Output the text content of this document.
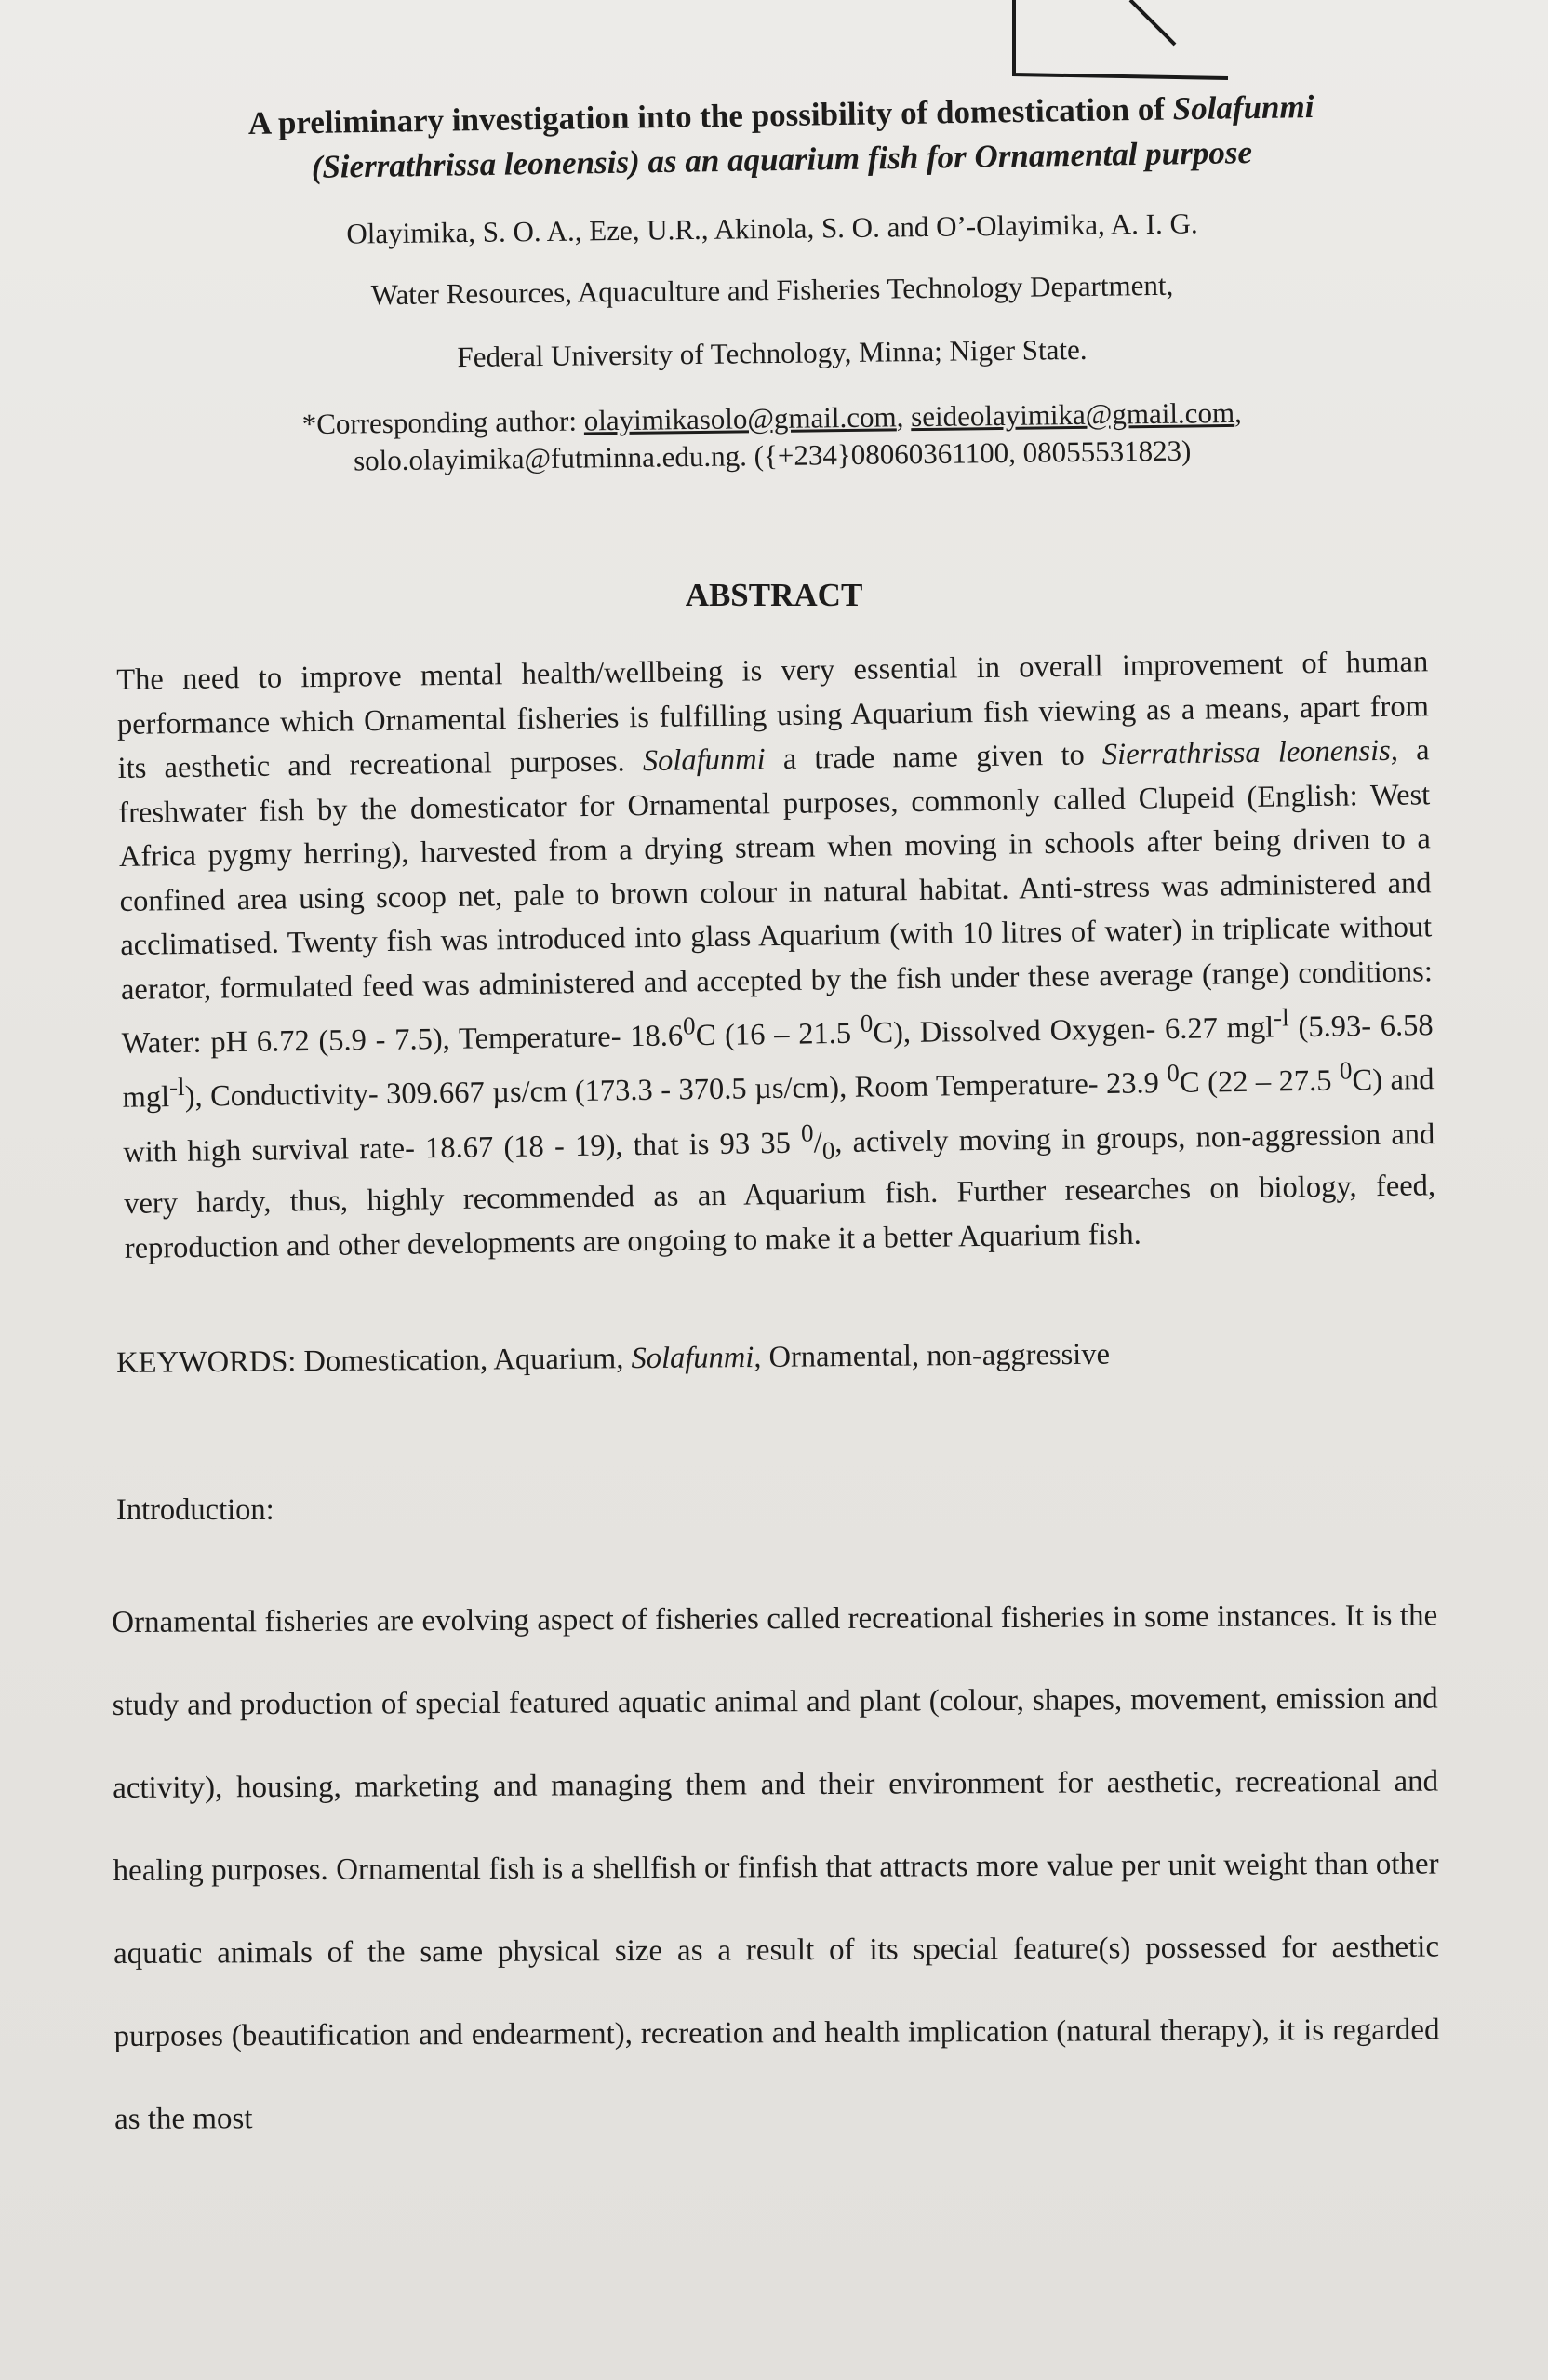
A preliminary investigation into the possibility of domestication of Solafunmi
(Sierrathrissa leonensis) as an aquarium fish for Ornamental purpose
Olayimika, S. O. A., Eze, U.R., Akinola, S. O. and O’-Olayimika, A. I. G.
Water Resources, Aquaculture and Fisheries Technology Department,
Federal University of Technology, Minna; Niger State.
*Corresponding author: olayimikasolo@gmail.com, seideolayimika@gmail.com,
solo.olayimika@futminna.edu.ng. ({+234}08060361100, 08055531823)
ABSTRACT

The need to improve mental health/wellbeing is very essential in overall improvement of human performance which Ornamental fisheries is fulfilling using Aquarium fish viewing as a means, apart from its aesthetic and recreational purposes. Solafunmi a trade name given to Sierrathrissa leonensis, a freshwater fish by the domesticator for Ornamental purposes, commonly called Clupeid (English: West Africa pygmy herring), harvested from a drying stream when moving in schools after being driven to a confined area using scoop net, pale to brown colour in natural habitat. Anti-stress was administered and acclimatised. Twenty fish was introduced into glass Aquarium (with 10 litres of water) in triplicate without aerator, formulated feed was administered and accepted by the fish under these average (range) conditions: Water: pH 6.72 (5.9 - 7.5), Temperature- 18.6$^0$C (16 – 21.5 $^0$C), Dissolved Oxygen- 6.27 mgl$^{-l}$ (5.93- 6.58 mgl$^{-l}$), Conductivity- 309.667 µs/cm (173.3 - 370.5 µs/cm), Room Temperature- 23.9 $^0$C (22 – 27.5 $^0$C) and with high survival rate- 18.67 (18 - 19), that is 93 35 $^0/_0$, actively moving in groups, non-aggression and very hardy, thus, highly recommended as an Aquarium fish. Further researches on biology, feed, reproduction and other developments are ongoing to make it a better Aquarium fish.

KEYWORDS: Domestication, Aquarium, Solafunmi, Ornamental, non-aggressive
Introduction:

Ornamental fisheries are evolving aspect of fisheries called recreational fisheries in some instances. It is the study and production of special featured aquatic animal and plant (colour, shapes, movement, emission and activity), housing, marketing and managing them and their environment for aesthetic, recreational and healing purposes. Ornamental fish is a shellfish or finfish that attracts more value per unit weight than other aquatic animals of the same physical size as a result of its special feature(s) possessed for aesthetic purposes (beautification and endearment), recreation and health implication (natural therapy), it is regarded as the most
